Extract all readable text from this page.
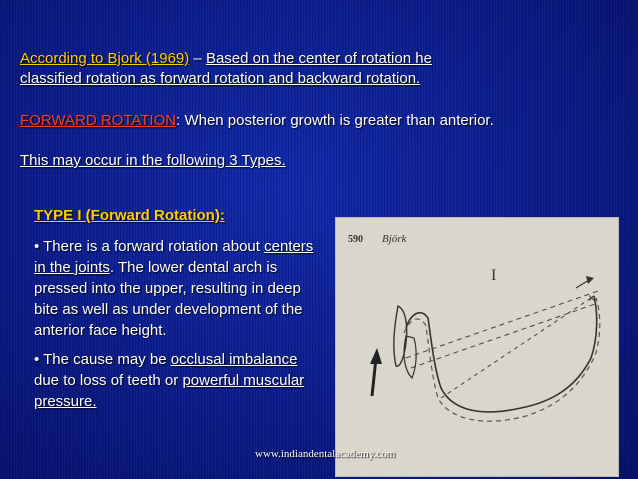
According to Bjork (1969) – Based on the center of rotation he
classified rotation as forward rotation and backward rotation.
FORWARD ROTATION: When posterior growth is greater than anterior.
This may occur in the following 3 Types.

TYPE I (Forward Rotation):

• There is a forward rotation about centers in the joints. The lower dental arch is pressed into the upper, resulting in deep bite as well as under development of the anterior face height.

• The cause may be occlusal imbalance due to loss of teeth or powerful muscular pressure.

590 Björk
I
×
www.indiandentalacademy.com
